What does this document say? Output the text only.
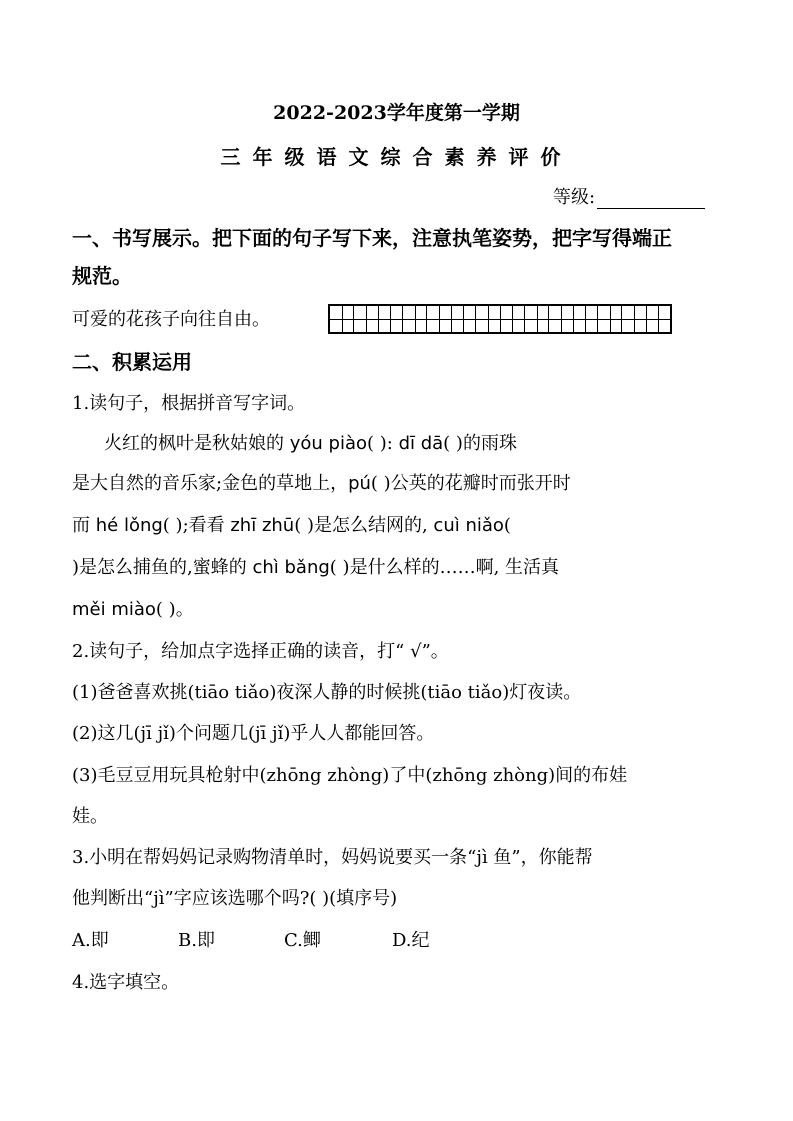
2022-2023学年度第一学期
三年级语文综合素养评价
等级:
一、书写展示。把下面的句子写下来，注意执笔姿势，把字写得端正
规范。
可爱的花孩子向往自由。
二、积累运用
1.读句子，根据拼音写字词。
火红的枫叶是秋姑娘的 yóu piào( ): dī dā( )的雨珠
是大自然的音乐家;金色的草地上，pú( )公英的花瓣时而张开时
而 hé lǒng( );看看 zhī zhū( )是怎么结网的, cuì niǎo(
)是怎么捕鱼的,蜜蜂的 chì bǎng( )是什么样的……啊, 生活真
měi miào( )。
2.读句子，给加点字选择正确的读音，打“ √”。
(1)爸爸喜欢挑(tiāo tiǎo)夜深人静的时候挑(tiāo tiǎo)灯夜读。
(2)这几(jī jǐ)个问题几(jī jǐ)乎人人都能回答。
(3)毛豆豆用玩具枪射中(zhōng zhòng)了中(zhōng zhòng)间的布娃
娃。
3.小明在帮妈妈记录购物清单时，妈妈说要买一条“jì 鱼”，你能帮
他判断出“jì”字应该选哪个吗?( )(填序号)
A.即	B.即	C.鲫	D.纪
4.选字填空。
